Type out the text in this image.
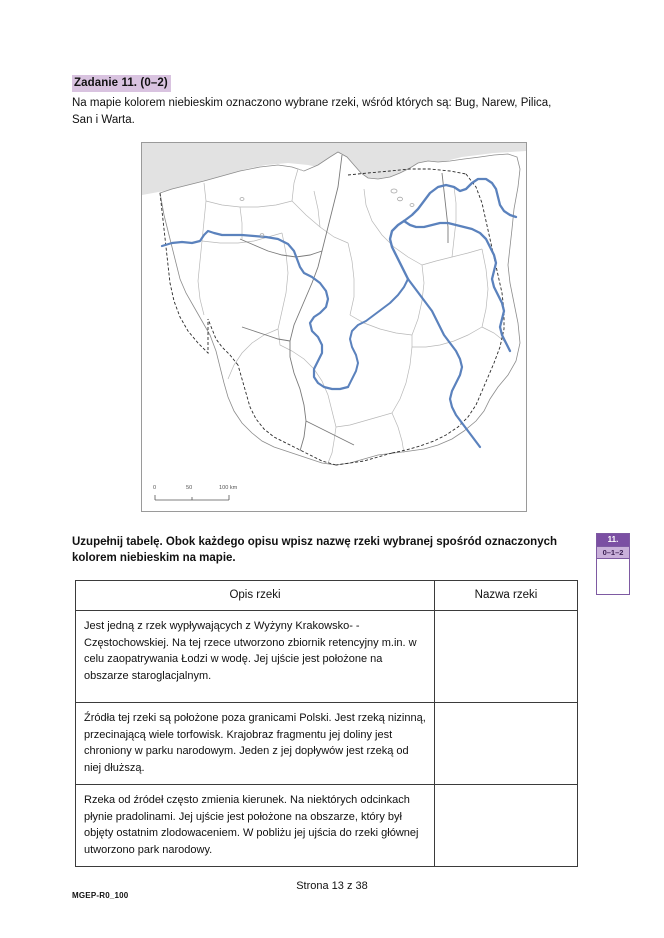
Zadanie 11. (0–2)
Na mapie kolorem niebieskim oznaczono wybrane rzeki, wśród których są: Bug, Narew, Pilica, San i Warta.
0	50	100 km
Uzupełnij tabelę. Obok każdego opisu wpisz nazwę rzeki wybranej spośród oznaczonych kolorem niebieskim na mapie.
11.
0–1–2
Opis rzeki	Nazwa rzeki
Jest jedną z rzek wypływających z Wyżyny Krakowsko- -Częstochowskiej. Na tej rzece utworzono zbiornik retencyjny m.in. w celu zaopatrywania Łodzi w wodę. Jej ujście jest położone na obszarze staroglacjalnym.	
Źródła tej rzeki są położone poza granicami Polski. Jest rzeką nizinną, przecinającą wiele torfowisk. Krajobraz fragmentu jej doliny jest chroniony w parku narodowym. Jeden z jej dopływów jest rzeką od niej dłuższą.	
Rzeka od źródeł często zmienia kierunek. Na niektórych odcinkach płynie pradolinami. Jej ujście jest położone na obszarze, który był objęty ostatnim zlodowaceniem. W pobliżu jej ujścia do rzeki głównej utworzono park narodowy.	
Strona 13 z 38
MGEP-R0_100
